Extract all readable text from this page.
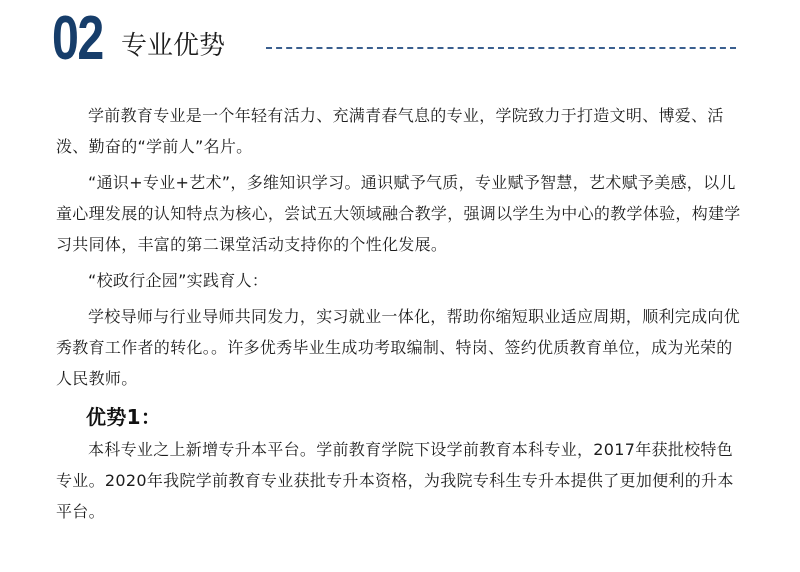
02 专业优势

学前教育专业是一个年轻有活力、充满青春气息的专业，学院致力于打造文明、博爱、活泼、勤奋的“学前人”名片。

“通识+专业+艺术”，多维知识学习。通识赋予气质，专业赋予智慧，艺术赋予美感，以儿童心理发展的认知特点为核心，尝试五大领域融合教学，强调以学生为中心的教学体验，构建学习共同体，丰富的第二课堂活动支持你的个性化发展。

“校政行企园”实践育人：

学校导师与行业导师共同发力，实习就业一体化，帮助你缩短职业适应周期，顺利完成向优秀教育工作者的转化。。许多优秀毕业生成功考取编制、特岗、签约优质教育单位，成为光荣的人民教师。

优势1：

本科专业之上新增专升本平台。学前教育学院下设学前教育本科专业，2017年获批校特色专业。2020年我院学前教育专业获批专升本资格，为我院专科生专升本提供了更加便利的升本平台。
